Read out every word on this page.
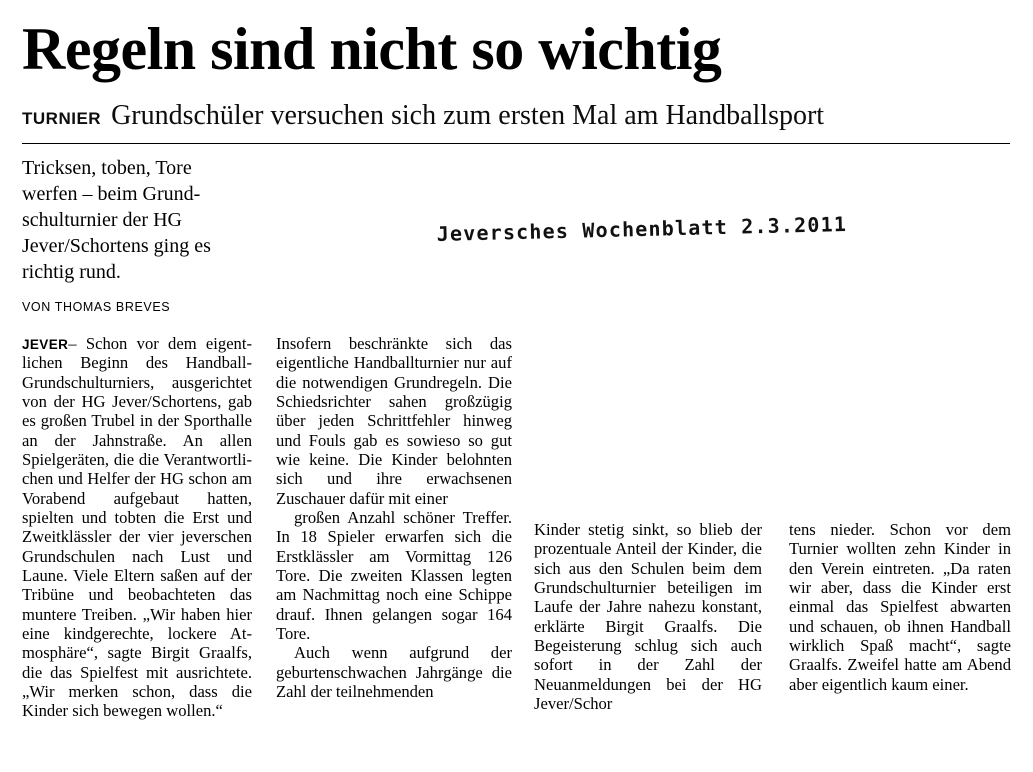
Regeln sind nicht so wichtig
TURNIER Grundschüler versuchen sich zum ersten Mal am Handballsport
Tricksen, toben, Tore werfen – beim Grundschulturnier der HG Jever/Schortens ging es richtig rund.
VON THOMAS BREVES
Jeversches Wochenblatt 2.3.2011

JEVER– Schon vor dem eigentlichen Beginn des Handball-Grundschulturniers, ausgerichtet von der HG Jever/Schortens, gab es großen Trubel in der Sporthalle an der Jahnstraße. An allen Spielgeräten, die die Verantwortlichen und Helfer der HG schon am Vorabend aufgebaut hatten, spielten und tobten die Erst und Zweitklässler der vier jeverschen Grundschulen nach Lust und Laune. Viele Eltern saßen auf der Tribüne und beobachteten das muntere Treiben. „Wir haben hier eine kindgerechte, lockere Atmosphäre“, sagte Birgit Graalfs, die das Spielfest mit ausrichtete. „Wir merken schon, dass die Kinder sich bewegen wollen.“

Insofern beschränkte sich das eigentliche Handballturnier nur auf die notwendigen Grundregeln. Die Schiedsrichter sahen großzügig über jeden Schrittfehler hinweg und Fouls gab es sowieso so gut wie keine. Die Kinder belohnten sich und ihre erwachsenen Zuschauer dafür mit einer

großen Anzahl schöner Treffer. In 18 Spieler erwarfen sich die Erstklässler am Vormittag 126 Tore. Die zweiten Klassen legten am Nachmittag noch eine Schippe drauf. Ihnen gelangen sogar 164 Tore.

Auch wenn aufgrund der geburtenschwachen Jahrgänge die Zahl der teilnehmenden

Kinder stetig sinkt, so blieb der prozentuale Anteil der Kinder, die sich aus den Schulen beim dem Grundschulturnier beteiligen im Laufe der Jahre nahezu konstant, erklärte Birgit Graalfs. Die Begeisterung schlug sich auch sofort in der Zahl der Neuanmeldungen bei der HG Jever/Schor

tens nieder. Schon vor dem Turnier wollten zehn Kinder in den Verein eintreten. „Da raten wir aber, dass die Kinder erst einmal das Spielfest abwarten und schauen, ob ihnen Handball wirklich Spaß macht“, sagte Graalfs. Zweifel hatte am Abend aber eigentlich kaum einer.
